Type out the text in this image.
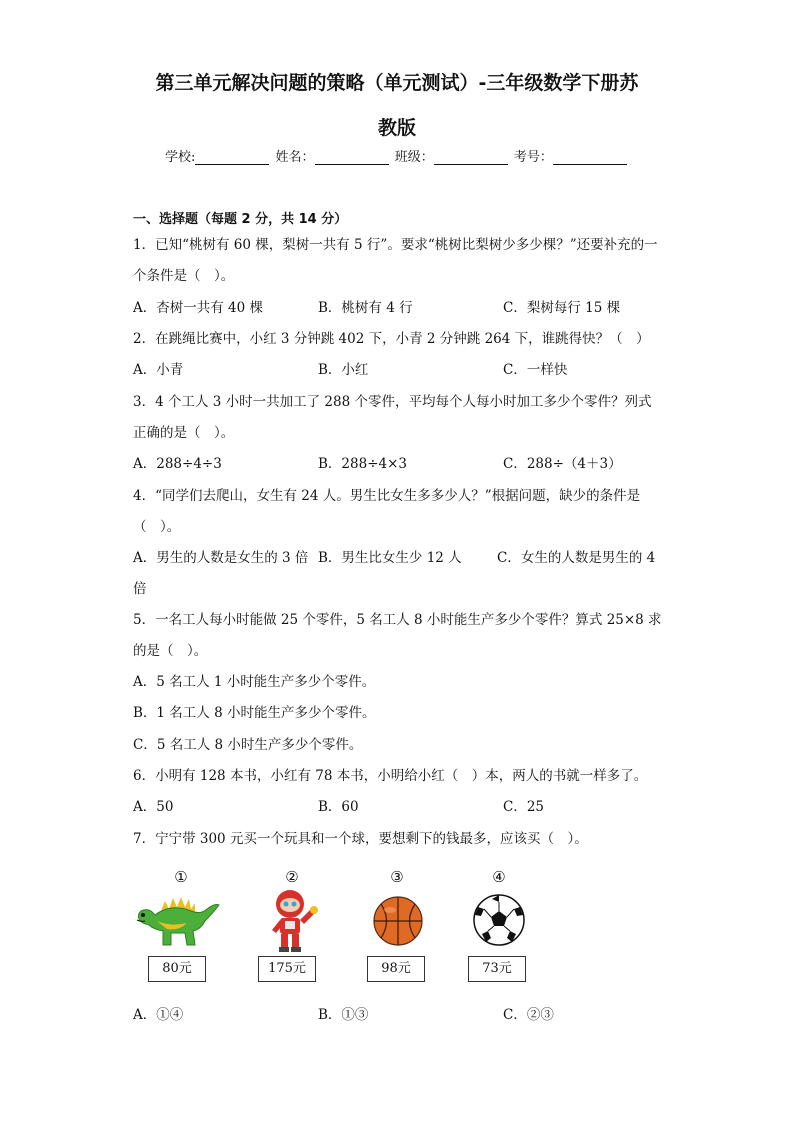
第三单元解决问题的策略（单元测试）-三年级数学下册苏
教版
学校:	姓名：	班级：	考号：
一、选择题（每题 2 分，共 14 分）
1．已知“桃树有 60 棵，梨树一共有 5 行”。要求“桃树比梨树少多少棵？”还要补充的一
个条件是（　）。
A．杏树一共有 40 棵	B．桃树有 4 行	C．梨树每行 15 棵
2．在跳绳比赛中，小红 3 分钟跳 402 下，小青 2 分钟跳 264 下，谁跳得快？（　）
A．小青	B．小红	C．一样快
3．4 个工人 3 小时一共加工了 288 个零件，平均每个人每小时加工多少个零件？列式
正确的是（　）。
A．288÷4÷3	B．288÷4×3	C．288÷（4＋3）
4．“同学们去爬山，女生有 24 人。男生比女生多多少人？”根据问题，缺少的条件是
（　）。
A．男生的人数是女生的 3 倍 B．男生比女生少 12 人	C．女生的人数是男生的 4
倍
5．一名工人每小时能做 25 个零件，5 名工人 8 小时能生产多少个零件？算式 25×8 求
的是（　）。
A．5 名工人 1 小时能生产多少个零件。
B．1 名工人 8 小时能生产多少个零件。
C．5 名工人 8 小时生产多少个零件。
6．小明有 128 本书，小红有 78 本书，小明给小红（　）本，两人的书就一样多了。
A．50	B．60	C．25
7．宁宁带 300 元买一个玩具和一个球，要想剩下的钱最多，应该买（　）。
①	②	③	④
80元	175元	98元	73元
A．①④	B．①③	C．②③
